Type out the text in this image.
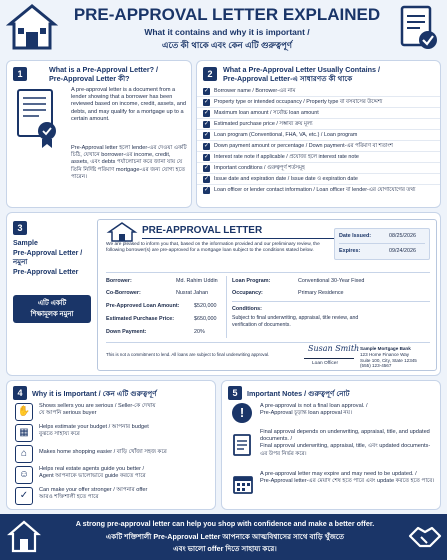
PRE-APPROVAL LETTER EXPLAINED
What it contains and why it is important /
এতে কী থাকে এবং কেন এটি গুরুত্বপূর্ণ
1	What is a Pre-Approval Letter? /
Pre-Approval Letter কী?
A pre-approval letter is a document from a lender showing that a borrower has been reviewed based on income, credit, assets, and debts, and may qualify for a mortgage up to a certain amount.
Pre-Approval letter হলো lender-এর দেওয়া একটি চিঠি, যেখানে borrower-এর income, credit, assets, এবং debts পর্যালোচনা করে জানা যায় যে তিনি নির্দিষ্ট পরিমাণ mortgage-এর জন্য যোগ্য হতে পারেন।
2	What a Pre-Approval Letter Usually Contains /
Pre-Approval Letter-এ সাধারণত কী থাকে
✓ Borrower name / Borrower-এর নাম
✓ Property type or intended occupancy / Property type বা বসবাসের উদ্দেশ্য
✓ Maximum loan amount / সর্বোচ্চ loan amount
✓ Estimated purchase price / সম্ভাব্য ক্রয় মূল্য
✓ Loan program (Conventional, FHA, VA, etc.) / Loan program
✓ Down payment amount or percentage / Down payment-এর পরিমাণ বা শতাংশ
✓ Interest rate note if applicable / প্রযোজ্য হলে interest rate note
✓ Important conditions / গুরুত্বপূর্ণ শর্তসমূহ
✓ Issue date and expiration date / Issue date ও expiration date
✓ Loan officer or lender contact information / Loan officer বা lender-এর যোগাযোগের তথ্য
3
Sample
Pre-Approval Letter /
নমুনা
Pre-Approval Letter
এটি একটি
শিক্ষামূলক নমুনা
PRE-APPROVAL LETTER
We are pleased to inform you that, based on the information provided and our preliminary review, the following borrower(s) are pre-approved for a mortgage loan subject to the conditions stated below.
Date Issued:	08/25/2026
Expires:	09/24/2026
Borrower:	Md. Rahim Uddin
Co-Borrower:	Nusrat Jahan
Pre-Approved Loan Amount:	$520,000
Estimated Purchase Price:	$650,000
Down Payment:	20%
Loan Program:	Conventional 30-Year Fixed
Occupancy:	Primary Residence
Conditions:
Subject to final underwriting, appraisal, title review, and verification of documents.
This is not a commitment to lend. All loans are subject to final underwriting approval.
Susan Smith
Loan Officer
Sample Mortgage Bank
123 Home Finance Way
Suite 100, City, State 12345
(555) 123-4567
4	Why it is Important / কেন এটি গুরুত্বপূর্ণ
✋	Shows sellers you are serious / Seller-কে দেখায়
যে আপনি serious buyer
▦	Helps estimate your budget / আপনার budget
বুঝতে সাহায্য করে
⌂	Makes home shopping easier / বাড়ি খোঁজা সহজ করে
☺	Helps real estate agents guide you better /
Agent আপনাকে ভালোভাবে guide করতে পারে
✓	Can make your offer stronger / আপনার offer
আরও শক্তিশালী হতে পারে
5	Important Notes / গুরুত্বপূর্ণ নোট
!	A pre-approval is not a final loan approval. /
Pre-Approval চূড়ান্ত loan approval নয়।
Final approval depends on underwriting, appraisal, title, and updated documents. /
Final approval underwriting, appraisal, title, এবং updated documents-এর উপর নির্ভর করে।
A pre-approval letter may expire and may need to be updated. /
Pre-Approval letter-এর মেয়াদ শেষ হতে পারে এবং update করতে হতে পারে।
A strong pre-approval letter can help you shop with confidence and make a better offer.
একটি শক্তিশালী Pre-Approval Letter আপনাকে আত্মবিশ্বাসের সাথে বাড়ি খুঁজতে
এবং ভালো offer দিতে সাহায্য করে।
